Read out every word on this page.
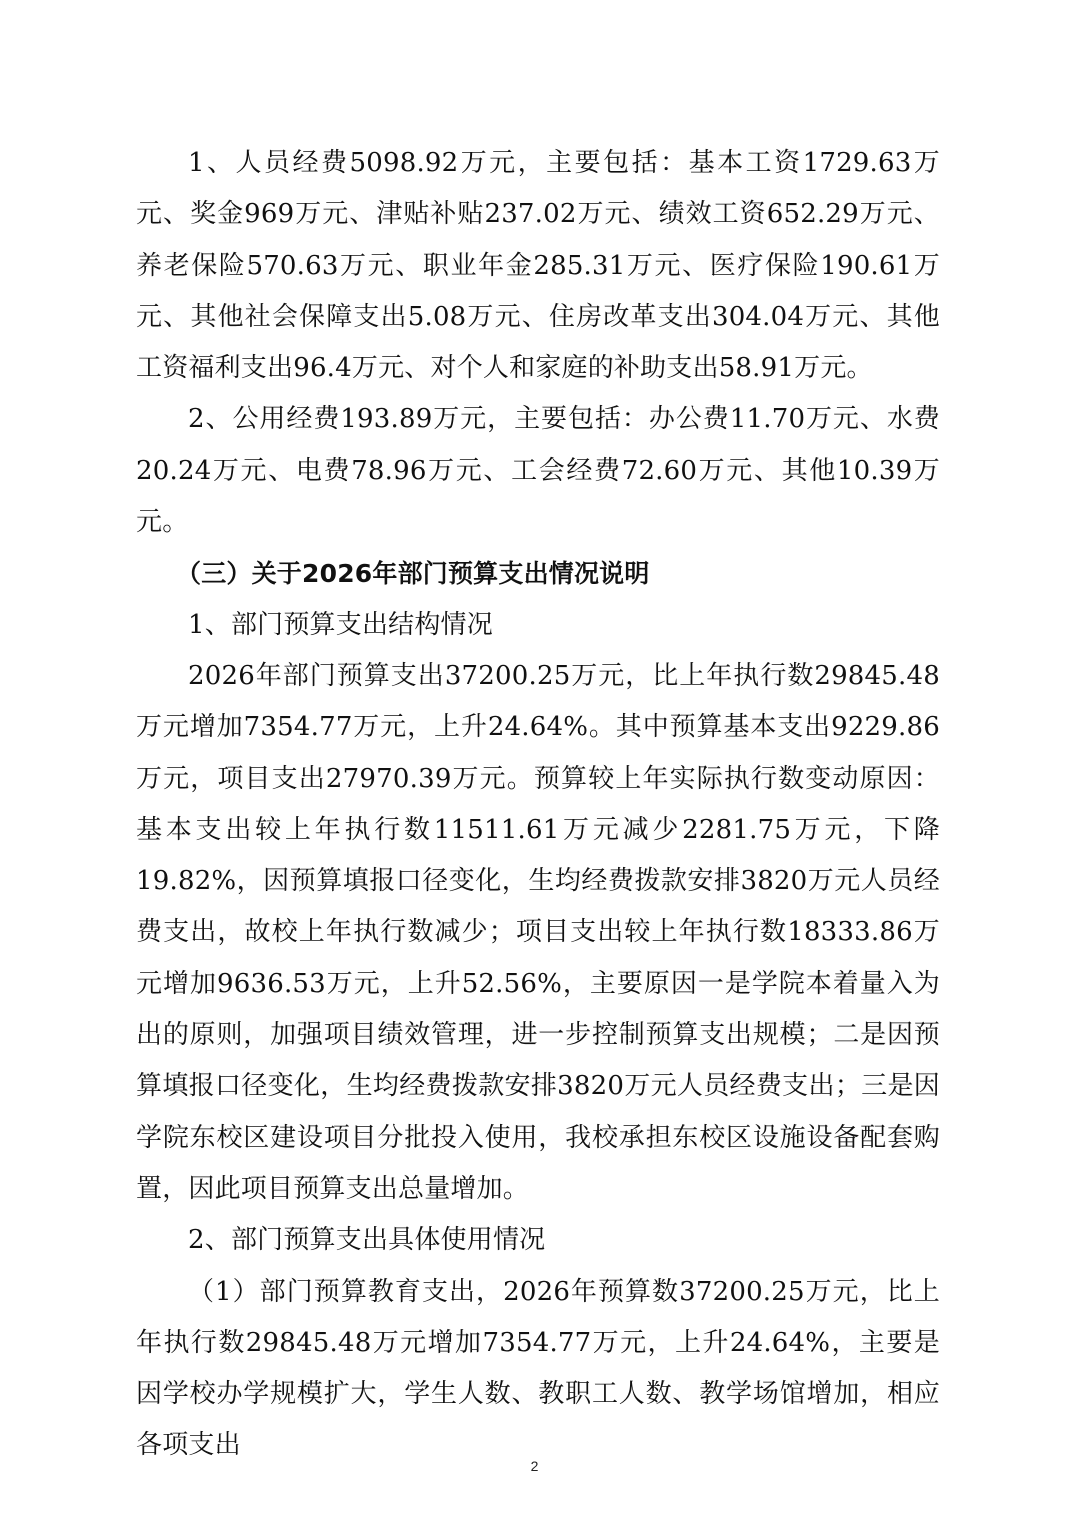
1、人员经费5098.92万元，主要包括：基本工资1729.63万元、奖金969万元、津贴补贴237.02万元、绩效工资652.29万元、养老保险570.63万元、职业年金285.31万元、医疗保险190.61万元、其他社会保障支出5.08万元、住房改革支出304.04万元、其他工资福利支出96.4万元、对个人和家庭的补助支出58.91万元。

2、公用经费193.89万元，主要包括：办公费11.70万元、水费20.24万元、电费78.96万元、工会经费72.60万元、其他10.39万元。

（三）关于2026年部门预算支出情况说明

1、部门预算支出结构情况

2026年部门预算支出37200.25万元，比上年执行数29845.48万元增加7354.77万元，上升24.64%。其中预算基本支出9229.86万元，项目支出27970.39万元。预算较上年实际执行数变动原因：基本支出较上年执行数11511.61万元减少2281.75万元，下降19.82%，因预算填报口径变化，生均经费拨款安排3820万元人员经费支出，故校上年执行数减少；项目支出较上年执行数18333.86万元增加9636.53万元，上升52.56%，主要原因一是学院本着量入为出的原则，加强项目绩效管理，进一步控制预算支出规模；二是因预算填报口径变化，生均经费拨款安排3820万元人员经费支出；三是因学院东校区建设项目分批投入使用，我校承担东校区设施设备配套购置，因此项目预算支出总量增加。

2、部门预算支出具体使用情况

（1）部门预算教育支出，2026年预算数37200.25万元，比上年执行数29845.48万元增加7354.77万元，上升24.64%，主要是因学校办学规模扩大，学生人数、教职工人数、教学场馆增加，相应各项支出

2
